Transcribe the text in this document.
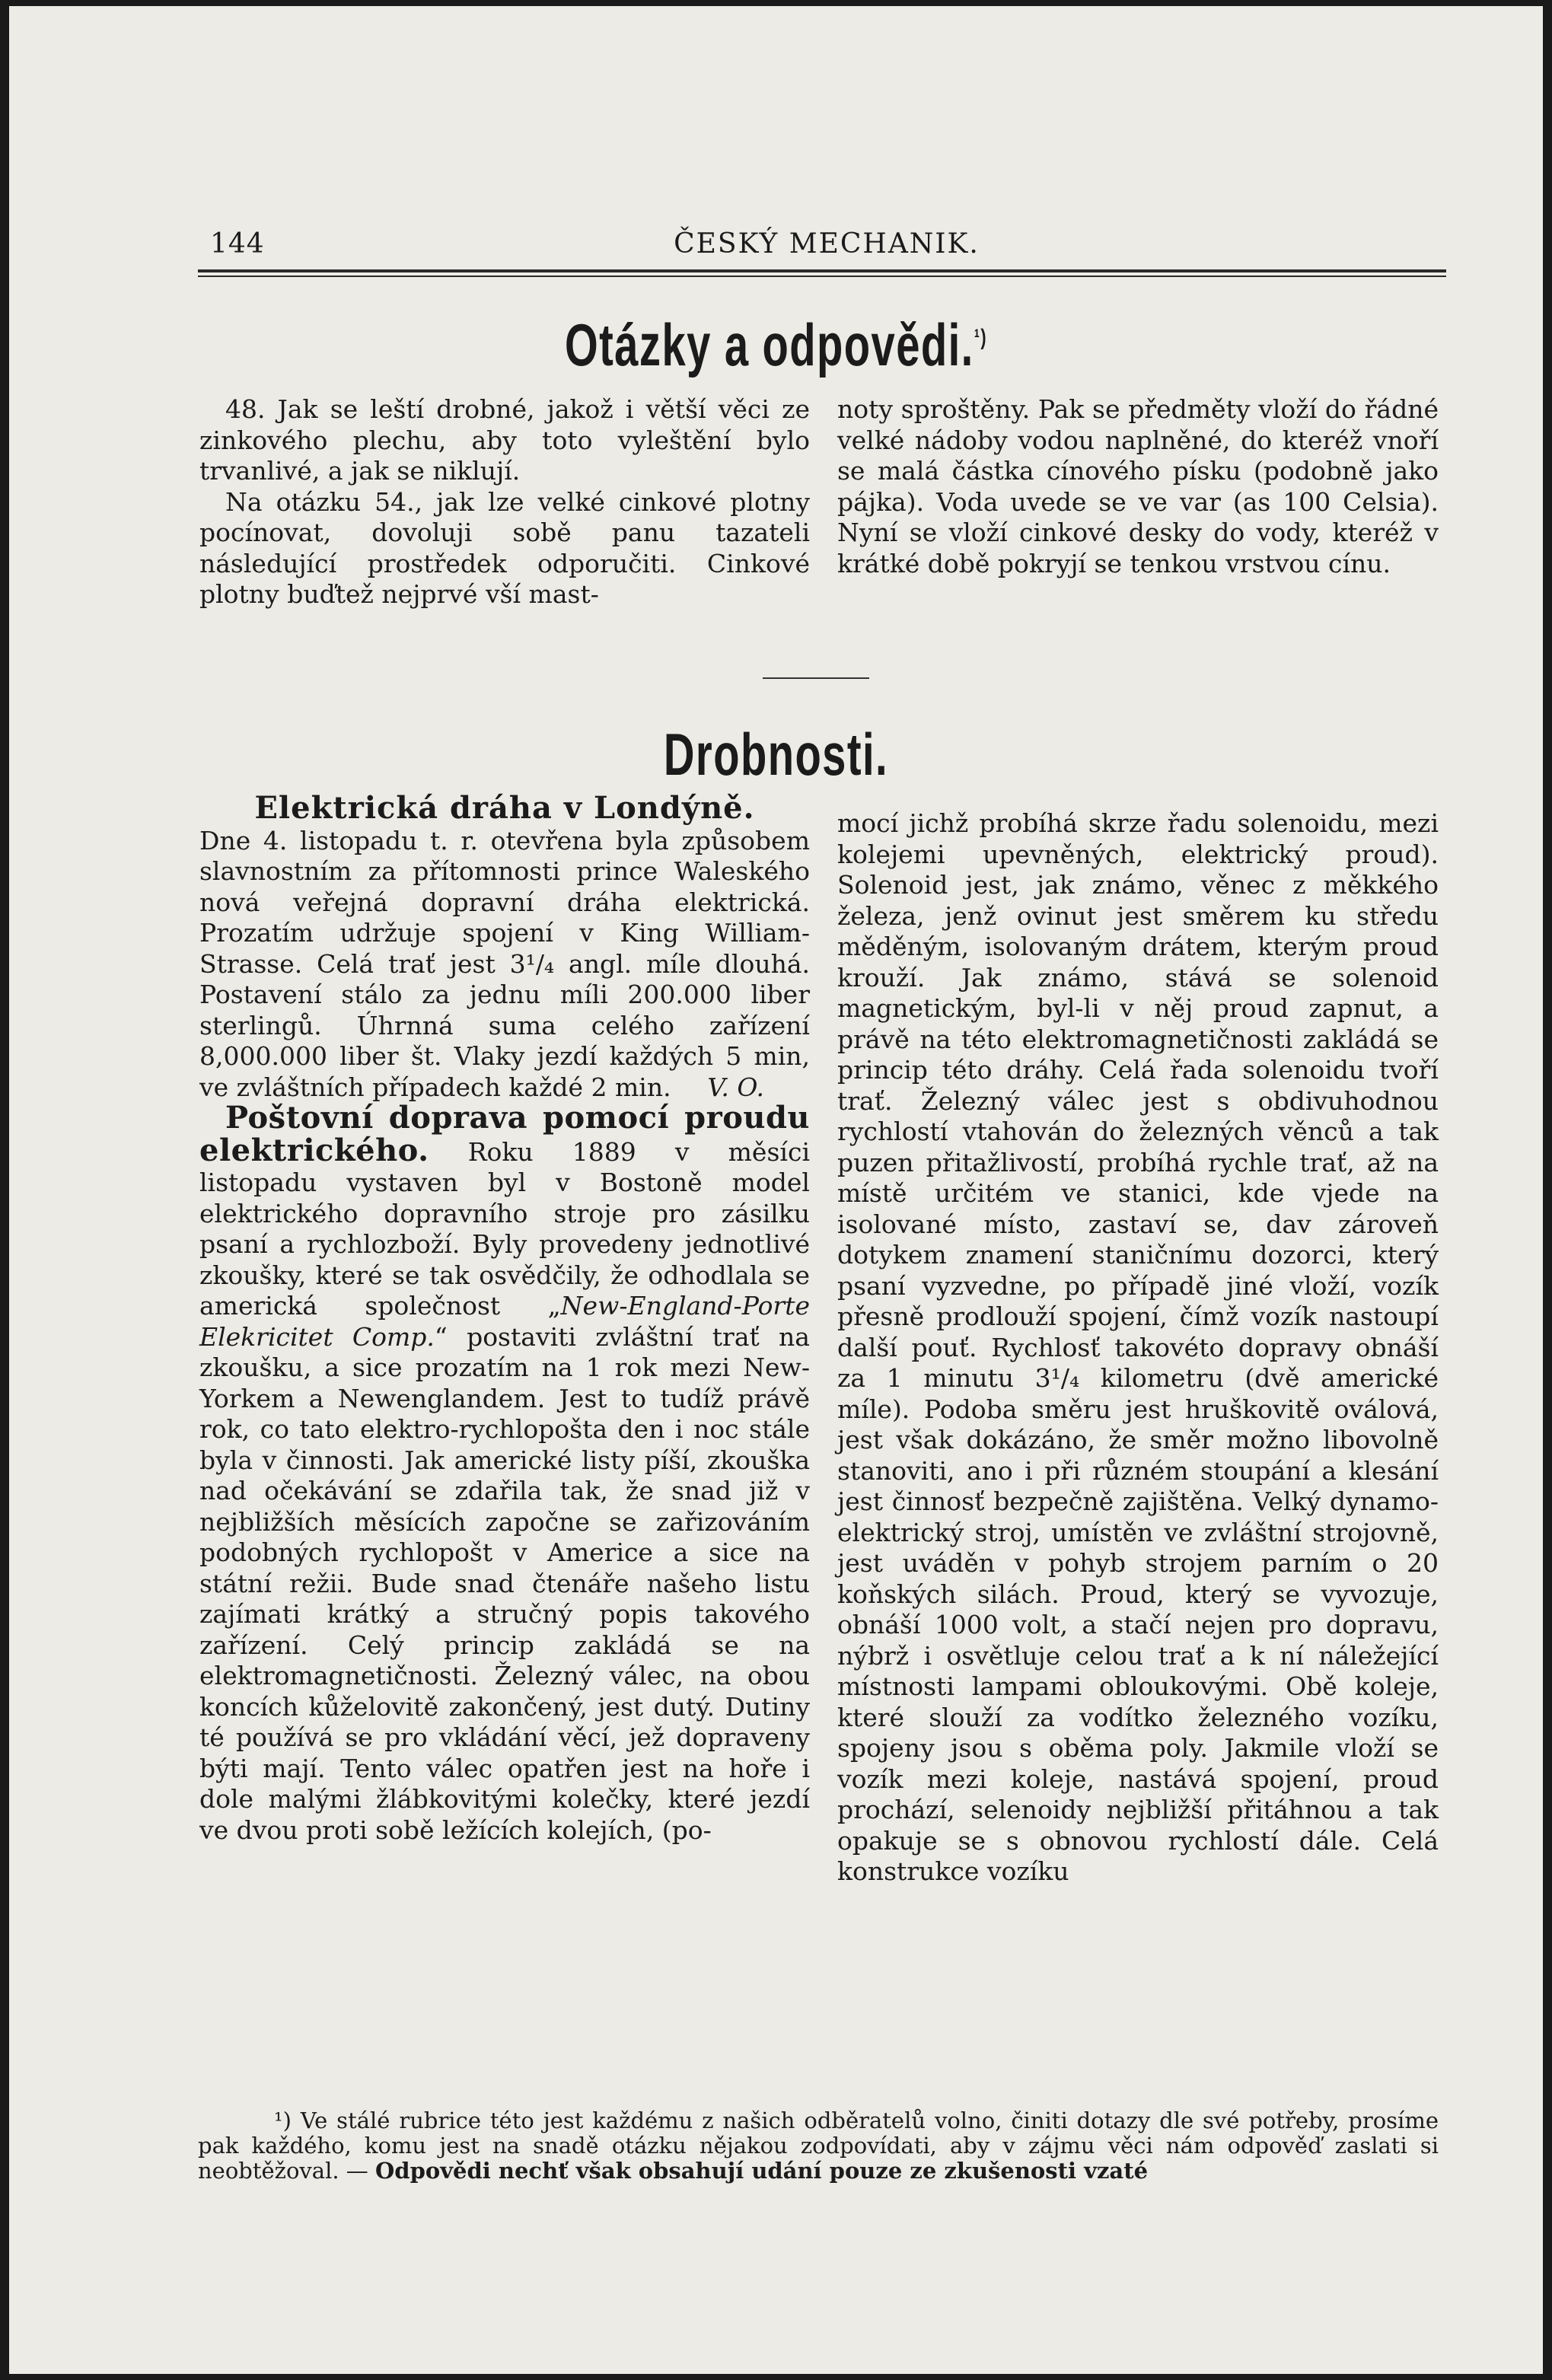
144	ČESKÝ MECHANIK.
Otázky a odpovědi.$^{^1)}$

48. Jak se leští drobné, jakož i větší věci ze zinkového plechu, aby toto vyleštění bylo trvanlivé, a jak se niklují.

Na otázku 54., jak lze velké cinkové plotny pocínovat, dovoluji sobě panu tazateli následující prostředek odporučiti. Cinkové plotny buďtež nejprvé vší mast-

noty sproštěny. Pak se předměty vloží do řádné velké nádoby vodou naplněné, do kteréž vnoří se malá částka cínového písku (podobně jako pájka). Voda uvede se ve var (as 100 Celsia). Nyní se vloží cinkové desky do vody, kteréž v krátké době pokryjí se tenkou vrstvou cínu.

Drobnosti.
Elektrická dráha v Londýně.

Dne 4. listopadu t. r. otevřena byla způsobem slavnostním za přítomnosti prince Waleského nová veřejná dopravní dráha elektrická. Prozatím udržuje spojení v King William-Strasse. Celá trať jest 3¹/₄ angl. míle dlouhá. Postavení stálo za jednu míli 200.000 liber sterlingů. Úhrnná suma celého zařízení 8,000.000 liber št. Vlaky jezdí každých 5 min, ve zvláštních případech každé 2 min. V. O.

Poštovní doprava pomocí proudu elektrického. Roku 1889 v měsíci listopadu vystaven byl v Bostoně model elektrického dopravního stroje pro zásilku psaní a rychlozboží. Byly provedeny jednotlivé zkoušky, které se tak osvědčily, že odhodlala se americká společnost „New-England-Porte Elekricitet Comp.“ postaviti zvláštní trať na zkoušku, a sice prozatím na 1 rok mezi New-Yorkem a Newenglandem. Jest to tudíž právě rok, co tato elektro-rychlopošta den i noc stále byla v činnosti. Jak americké listy píší, zkouška nad očekávání se zdařila tak, že snad již v nejbližších měsících započne se zařizováním podobných rychlopošt v Americe a sice na státní režii. Bude snad čtenáře našeho listu zajímati krátký a stručný popis takového zařízení. Celý princip zakládá se na elektromagnetičnosti. Železný válec, na obou koncích kůželovitě zakončený, jest dutý. Dutiny té používá se pro vkládání věcí, jež dopraveny býti mají. Tento válec opatřen jest na hoře i dole malými žlábkovitými kolečky, které jezdí ve dvou proti sobě ležících kolejích, (po-

mocí jichž probíhá skrze řadu solenoidu, mezi kolejemi upevněných, elektrický proud). Solenoid jest, jak známo, věnec z měkkého železa, jenž ovinut jest směrem ku středu měděným, isolovaným drátem, kterým proud krouží. Jak známo, stává se solenoid magnetickým, byl-li v něj proud zapnut, a právě na této elektromagnetičnosti zakládá se princip této dráhy. Celá řada solenoidu tvoří trať. Železný válec jest s obdivuhodnou rychlostí vtahován do železných věnců a tak puzen přitažlivostí, probíhá rychle trať, až na místě určitém ve stanici, kde vjede na isolované místo, zastaví se, dav zároveň dotykem znamení staničnímu dozorci, který psaní vyzvedne, po případě jiné vloží, vozík přesně prodlouží spojení, čímž vozík nastoupí další pouť. Rychlosť takovéto dopravy obnáší za 1 minutu 3¹/₄ kilometru (dvě americké míle). Podoba směru jest hruškovitě oválová, jest však dokázáno, že směr možno libovolně stanoviti, ano i při různém stoupání a klesání jest činnosť bezpečně zajištěna. Velký dynamo-elektrický stroj, umístěn ve zvláštní strojovně, jest uváděn v pohyb strojem parním o 20 koňských silách. Proud, který se vyvozuje, obnáší 1000 volt, a stačí nejen pro dopravu, nýbrž i osvětluje celou trať a k ní náležející místnosti lampami obloukovými. Obě koleje, které slouží za vodítko železného vozíku, spojeny jsou s oběma poly. Jakmile vloží se vozík mezi koleje, nastává spojení, proud prochází, selenoidy nejbližší přitáhnou a tak opakuje se s obnovou rychlostí dále. Celá konstrukce vozíku

¹) Ve stálé rubrice této jest každému z našich odběratelů volno, činiti dotazy dle své potřeby, prosíme pak každého, komu jest na snadě otázku nějakou zodpovídati, aby v zájmu věci nám odpověď zaslati si neobtěžoval. — Odpovědi nechť však obsahují udání pouze ze zkušenosti vzaté
